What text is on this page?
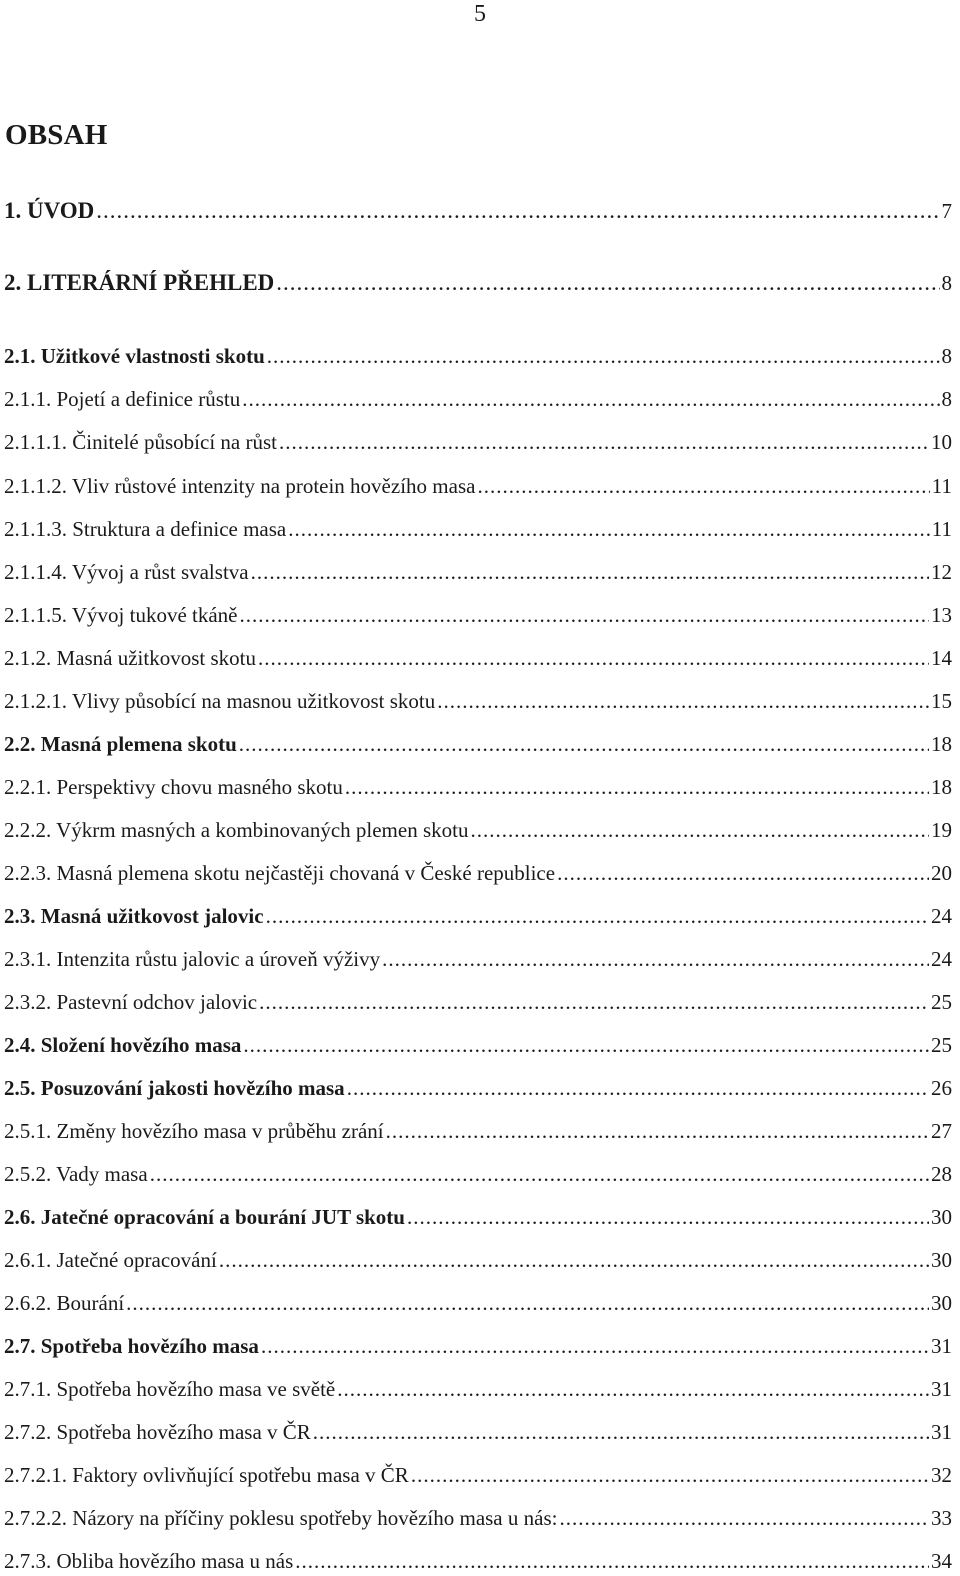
5
OBSAH
1. ÚVOD .....	7
2. LITERÁRNÍ PŘEHLED .....	8
2.1. Užitkové vlastnosti skotu .....	8
2.1.1. Pojetí a definice růstu .....	8
2.1.1.1. Činitelé působící na růst .....	10
2.1.1.2. Vliv růstové intenzity na protein hovězího masa .....	11
2.1.1.3. Struktura a definice masa .....	11
2.1.1.4. Vývoj a růst svalstva .....	12
2.1.1.5. Vývoj tukové tkáně .....	13
2.1.2. Masná užitkovost skotu .....	14
2.1.2.1. Vlivy působící na masnou užitkovost skotu .....	15
2.2. Masná plemena skotu .....	18
2.2.1. Perspektivy chovu masného skotu .....	18
2.2.2. Výkrm masných a kombinovaných plemen skotu .....	19
2.2.3. Masná plemena skotu nejčastěji chovaná v České republice .....	20
2.3. Masná užitkovost jalovic .....	24
2.3.1. Intenzita růstu jalovic a úroveň výživy .....	24
2.3.2. Pastevní odchov jalovic .....	25
2.4. Složení hovězího masa .....	25
2.5. Posuzování jakosti hovězího masa .....	26
2.5.1. Změny hovězího masa v průběhu zrání .....	27
2.5.2. Vady masa .....	28
2.6. Jatečné opracování a bourání JUT skotu .....	30
2.6.1. Jatečné opracování .....	30
2.6.2. Bourání .....	30
2.7. Spotřeba hovězího masa .....	31
2.7.1. Spotřeba hovězího masa ve světě .....	31
2.7.2. Spotřeba hovězího masa v ČR .....	31
2.7.2.1. Faktory ovlivňující spotřebu masa v ČR .....	32
2.7.2.2. Názory na příčiny poklesu spotřeby hovězího masa u nás: .....	33
2.7.3. Obliba hovězího masa u nás .....	34
